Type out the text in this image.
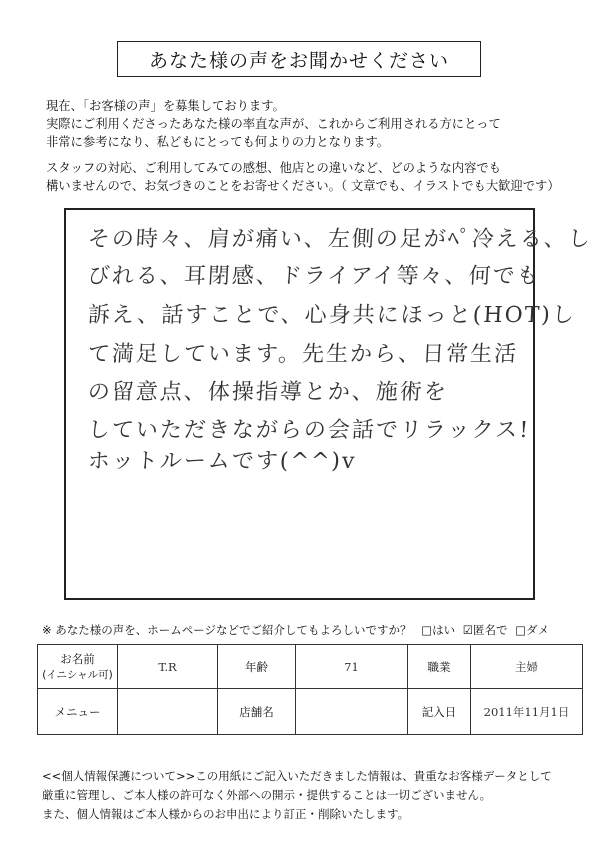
あなた様の声をお聞かせください
現在、「お客様の声」を募集しております。
実際にご利用くださったあなた様の率直な声が、これからご利用される方にとって
非常に参考になり、私どもにとっても何よりの力となります。
スタッフの対応、ご利用してみての感想、他店との違いなど、どのような内容でも
構いませんので、お気づきのことをお寄せください。（ 文章でも、イラストでも大歓迎です）
その時々、肩が痛い、左側の足がﾍﾟ冷える、し
びれる、耳閉感、ドライアイ等々、何でも
訴え、話すことで、心身共にほっと(HOT)し
て満足しています。先生から、日常生活
の留意点、体操指導とか、施術を
していただきながらの会話でリラックス!
ホットルームです(^^)v
※ あなた様の声を、ホームページなどでご紹介してもよろしいですか？ □はい ☑匿名で □ダメ
お名前
(イニシャル可)	T.R	年齢	71	職業	主婦
メニュー		店舗名		記入日	2011年11月1日
<<個人情報保護について>>この用紙にご記入いただきました情報は、貴重なお客様データとして
厳重に管理し、ご本人様の許可なく外部への開示・提供することは一切ございません。
また、個人情報はご本人様からのお申出により訂正・削除いたします。
